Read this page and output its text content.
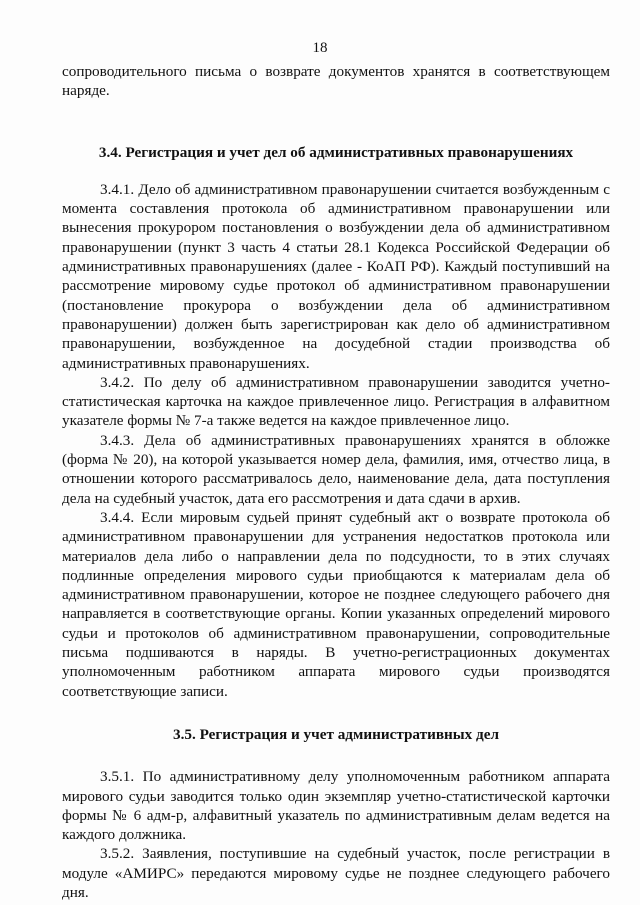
18

сопроводительного письма о возврате документов хранятся в соответствующем наряде.

3.4. Регистрация и учет дел об административных правонарушениях

3.4.1. Дело об административном правонарушении считается возбужденным с момента составления протокола об административном правонарушении или вынесения прокурором постановления о возбуждении дела об административном правонарушении (пункт 3 часть 4 статьи 28.1 Кодекса Российской Федерации об административных правонарушениях (далее - КоАП РФ). Каждый поступивший на рассмотрение мировому судье протокол об административном правонарушении (постановление прокурора о возбуждении дела об административном правонарушении) должен быть зарегистрирован как дело об административном правонарушении, возбужденное на досудебной стадии производства об административных правонарушениях.

3.4.2. По делу об административном правонарушении заводится учетно-статистическая карточка на каждое привлеченное лицо. Регистрация в алфавитном указателе формы № 7-а также ведется на каждое привлеченное лицо.

3.4.3. Дела об административных правонарушениях хранятся в обложке (форма № 20), на которой указывается номер дела, фамилия, имя, отчество лица, в отношении которого рассматривалось дело, наименование дела, дата поступления дела на судебный участок, дата его рассмотрения и дата сдачи в архив.

3.4.4. Если мировым судьей принят судебный акт о возврате протокола об административном правонарушении для устранения недостатков протокола или материалов дела либо о направлении дела по подсудности, то в этих случаях подлинные определения мирового судьи приобщаются к материалам дела об административном правонарушении, которое не позднее следующего рабочего дня направляется в соответствующие органы. Копии указанных определений мирового судьи и протоколов об административном правонарушении, сопроводительные письма подшиваются в наряды. В учетно-регистрационных документах уполномоченным работником аппарата мирового судьи производятся соответствующие записи.

3.5. Регистрация и учет административных дел

3.5.1. По административному делу уполномоченным работником аппарата мирового судьи заводится только один экземпляр учетно-статистической карточки формы № 6 адм-р, алфавитный указатель по административным делам ведется на каждого должника.

3.5.2. Заявления, поступившие на судебный участок, после регистрации в модуле «АМИРС» передаются мировому судье не позднее следующего рабочего дня.
